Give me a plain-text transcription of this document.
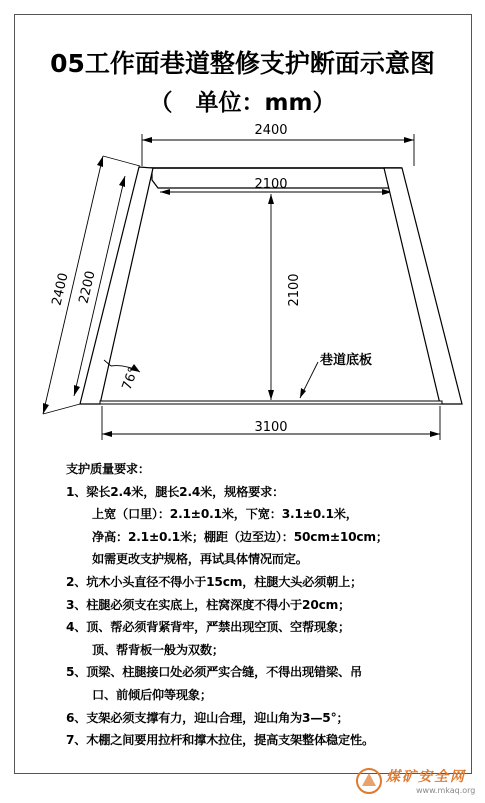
05工作面巷道整修支护断面示意图
（　单位：mm）
2400
2100
2100
2400 2200
76°
3100
巷道底板
支护质量要求：
1、梁长2.4米，腿长2.4米，规格要求：
上宽（口里）：2.1±0.1米，下宽：3.1±0.1米，
净高：2.1±0.1米；棚距（边至边）：50cm±10cm；
如需更改支护规格，再试具体情况而定。
2、坑木小头直径不得小于15cm，柱腿大头必须朝上；
3、柱腿必须支在实底上，柱窝深度不得小于20cm；
4、顶、帮必须背紧背牢，严禁出现空顶、空帮现象；
顶、帮背板一般为双数；
5、顶梁、柱腿接口处必须严实合缝，不得出现错梁、吊
口、前倾后仰等现象；
6、支架必须支撑有力，迎山合理，迎山角为3—5°；
7、木棚之间要用拉杆和撑木拉住，提高支架整体稳定性。
煤矿安全网
www.mkaq.org
